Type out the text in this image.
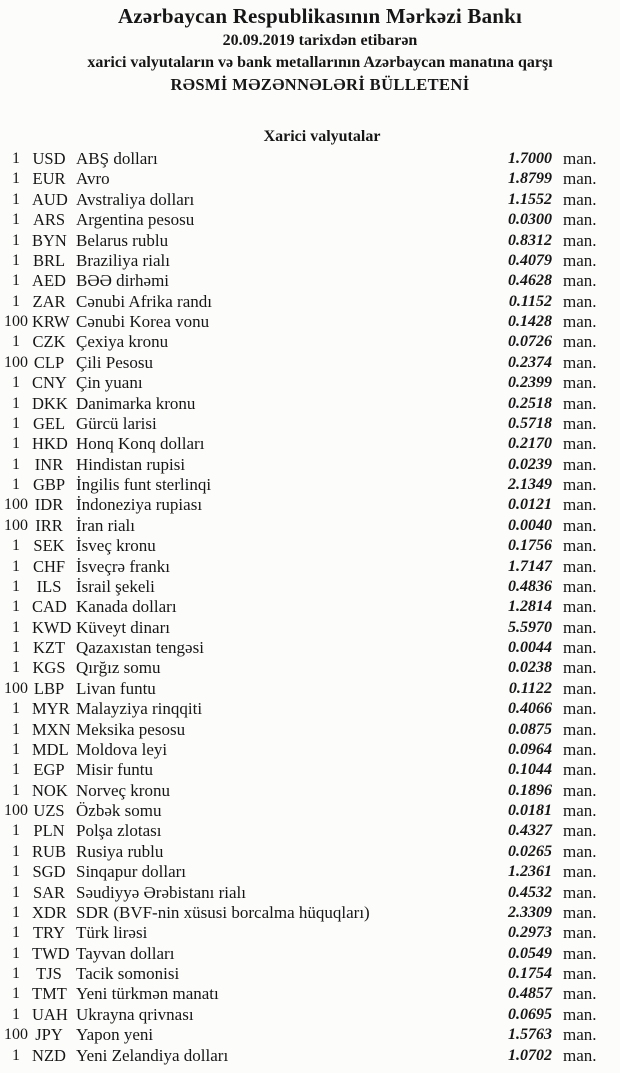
Azərbaycan Respublikasının Mərkəzi Bankı
20.09.2019 tarixdən etibarən
xarici valyutaların və bank metallarının Azərbaycan manatına qarşı
RƏSMİ MƏZƏNNƏLƏRİ BÜLLETENİ
Xarici valyutalar
1 USD ABŞ dolları	1.7000 man.
1 EUR Avro	1.8799 man.
1 AUD Avstraliya dolları	1.1552 man.
1 ARS Argentina pesosu	0.0300 man.
1 BYN Belarus rublu	0.8312 man.
1 BRL Braziliya rialı	0.4079 man.
1 AED BƏƏ dirhəmi	0.4628 man.
1 ZAR Cənubi Afrika randı	0.1152 man.
100 KRW Cənubi Korea vonu	0.1428 man.
1 CZK Çexiya kronu	0.0726 man.
100 CLP Çili Pesosu	0.2374 man.
1 CNY Çin yuanı	0.2399 man.
1 DKK Danimarka kronu	0.2518 man.
1 GEL Gürcü larisi	0.5718 man.
1 HKD Honq Konq dolları	0.2170 man.
1 INR Hindistan rupisi	0.0239 man.
1 GBP İngilis funt sterlinqi	2.1349 man.
100 IDR İndoneziya rupiası	0.0121 man.
100 IRR İran rialı	0.0040 man.
1 SEK İsveç kronu	0.1756 man.
1 CHF İsveçrə frankı	1.7147 man.
1	ILS İsrail şekeli	0.4836 man.
1 CAD Kanada dolları	1.2814 man.
1 KWD Küveyt dinarı	5.5970 man.
1 KZT Qazaxıstan tengəsi	0.0044 man.
1 KGS Qırğız somu	0.0238 man.
100 LBP Livan funtu	0.1122 man.
1 MYR Malayziya rinqqiti	0.4066 man.
1 MXN Meksika pesosu	0.0875 man.
1 MDL Moldova leyi	0.0964 man.
1 EGP Misir funtu	0.1044 man.
1 NOK Norveç kronu	0.1896 man.
100 UZS Özbək somu	0.0181 man.
1 PLN Polşa zlotası	0.4327 man.
1 RUB Rusiya rublu	0.0265 man.
1 SGD Sinqapur dolları	1.2361 man.
1 SAR Səudiyyə Ərəbistanı rialı	0.4532 man.
1 XDR SDR (BVF-nin xüsusi borcalma hüquqları)	2.3309 man.
1 TRY Türk lirəsi	0.2973 man.
1 TWD Tayvan dolları	0.0549 man.
1 TJS Tacik somonisi	0.1754 man.
1 TMT Yeni türkmən manatı	0.4857 man.
1 UAH Ukrayna qrivnası	0.0695 man.
100 JPY Yapon yeni	1.5763 man.
1 NZD Yeni Zelandiya dolları	1.0702 man.
